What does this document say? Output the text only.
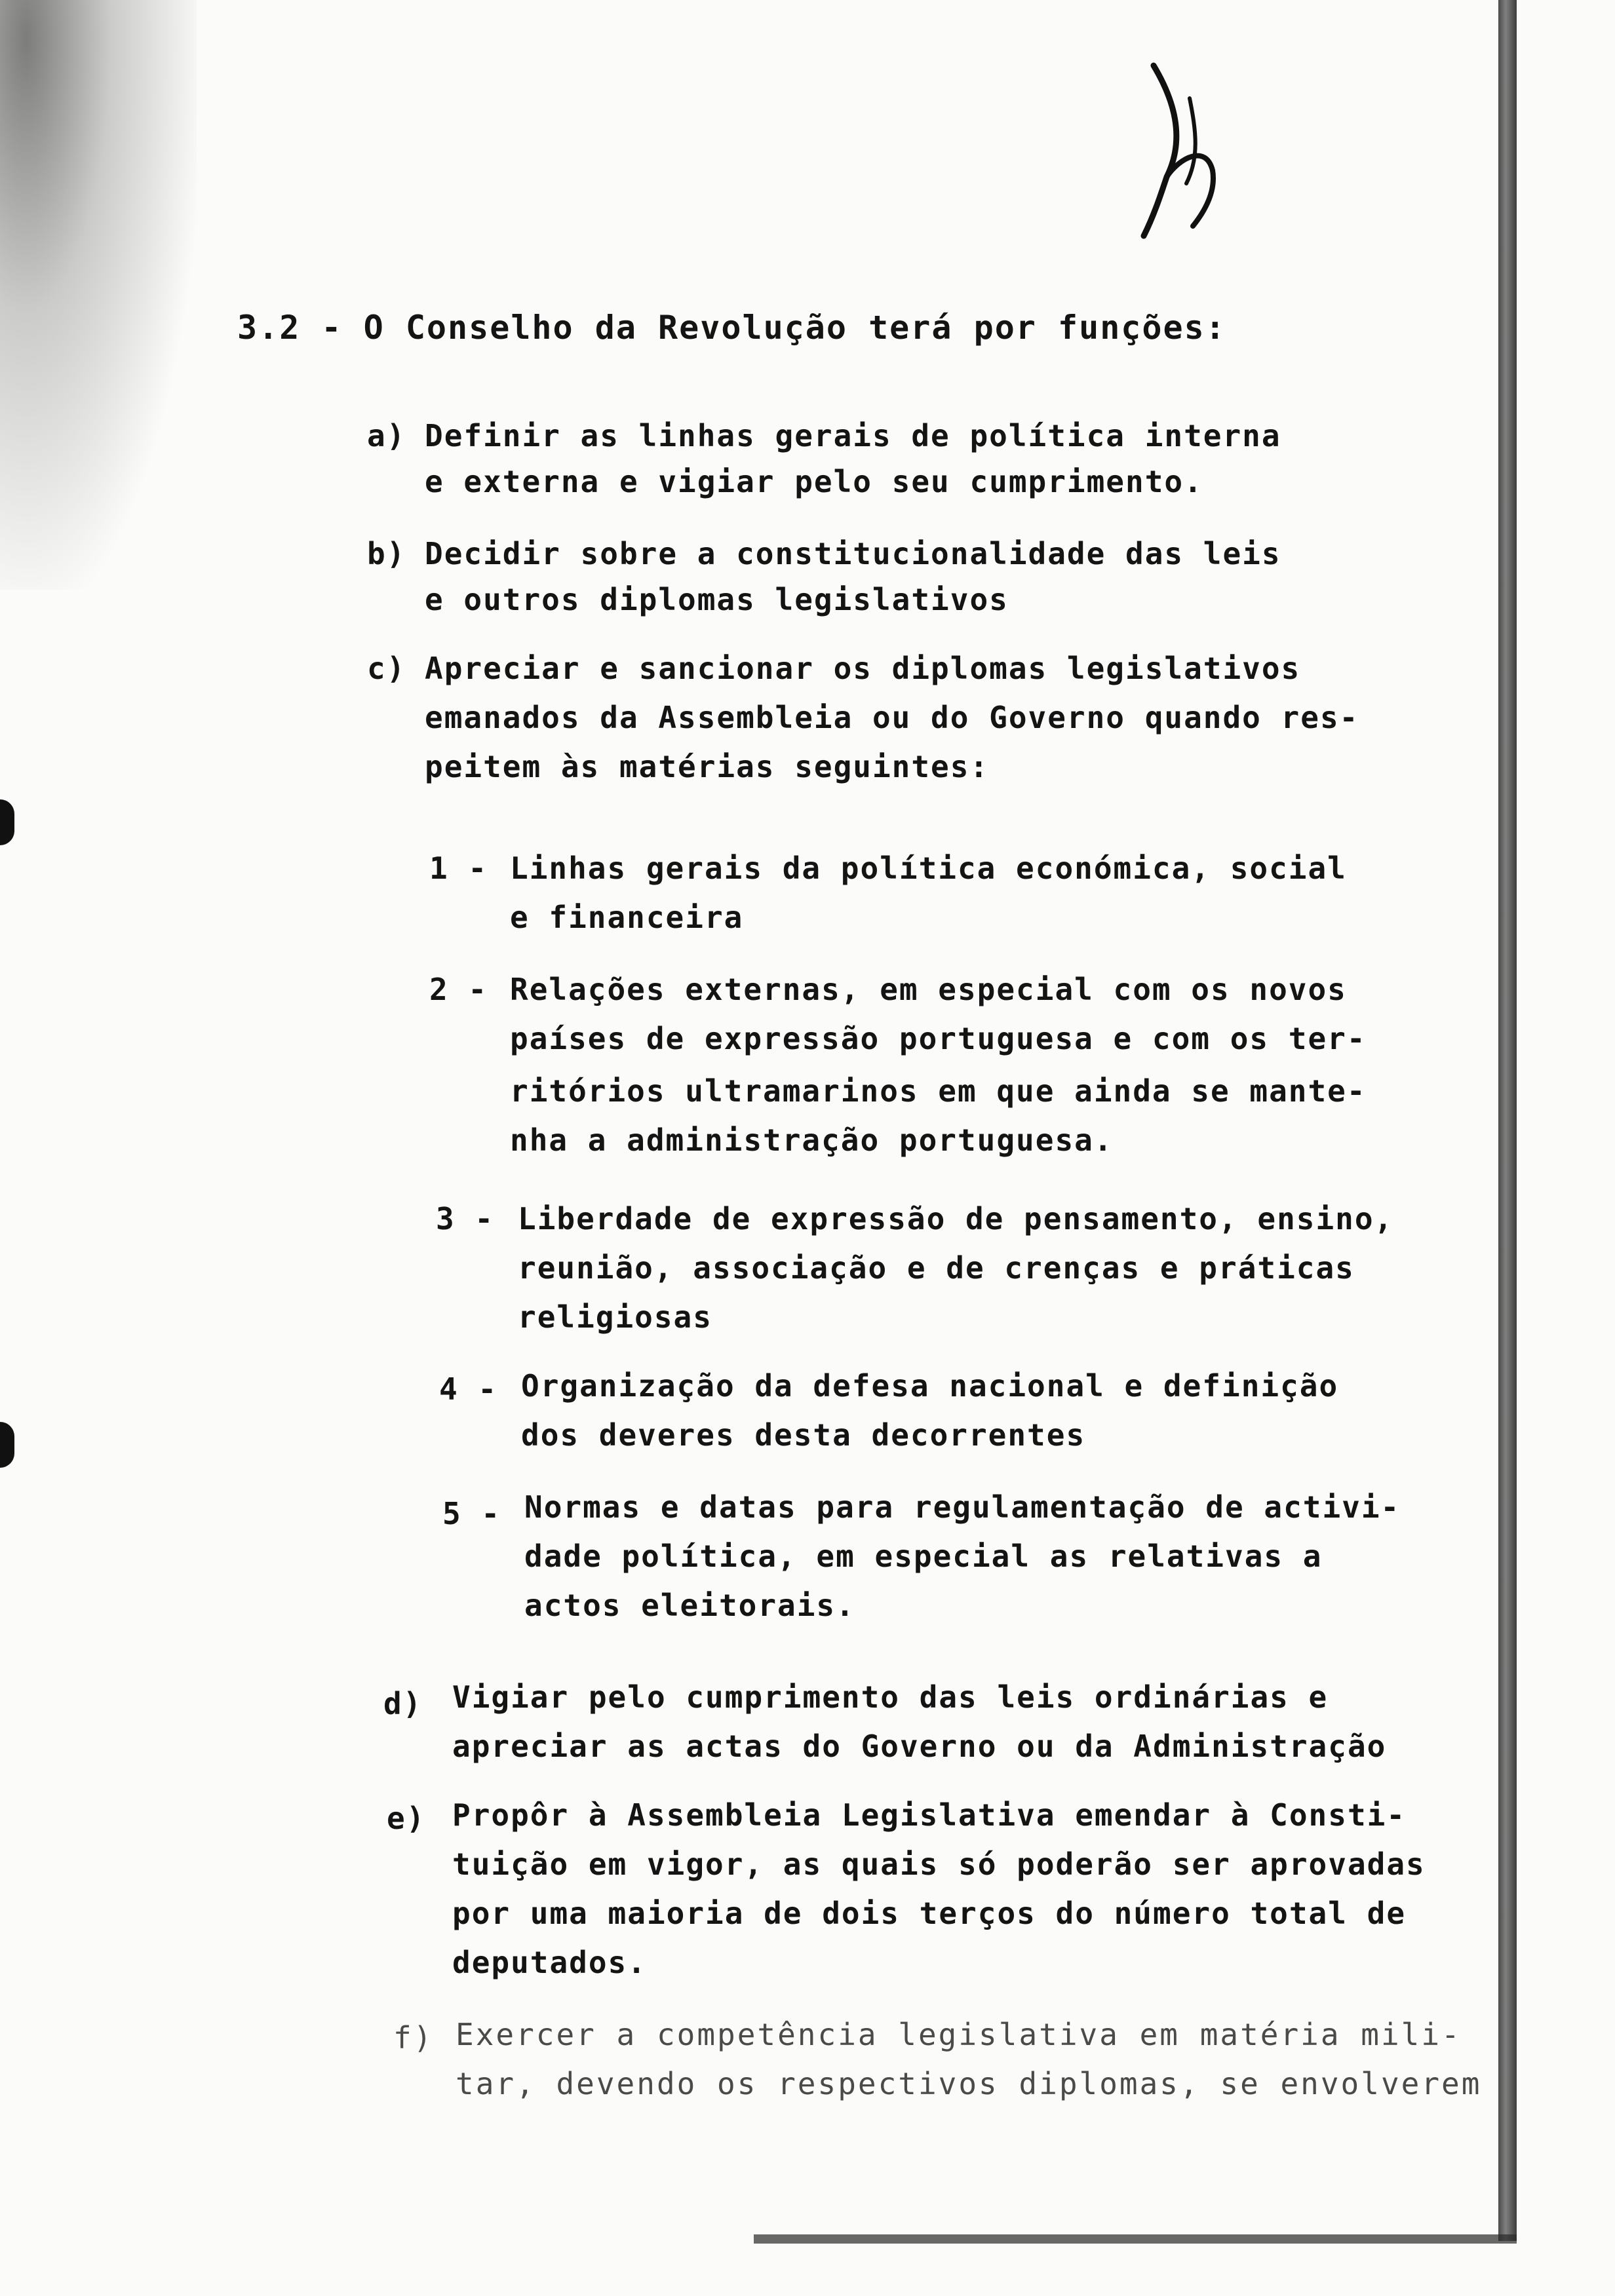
3.2 - O Conselho da Revolução terá por funções:
a) Definir as linhas gerais de política interna
e externa e vigiar pelo seu cumprimento.
b) Decidir sobre a constitucionalidade das leis
e outros diplomas legislativos
c) Apreciar e sancionar os diplomas legislativos
emanados da Assembleia ou do Governo quando res-
peitem às matérias seguintes:
1 - Linhas gerais da política económica, social
e financeira
2 - Relações externas, em especial com os novos
países de expressão portuguesa e com os ter-
ritórios ultramarinos em que ainda se mante-
nha a administração portuguesa.
3 - Liberdade de expressão de pensamento, ensino,
reunião, associação e de crenças e práticas
religiosas
4 - Organização da defesa nacional e definição
dos deveres desta decorrentes
5 - Normas e datas para regulamentação de activi-
dade política, em especial as relativas a
actos eleitorais.
d) Vigiar pelo cumprimento das leis ordinárias e
apreciar as actas do Governo ou da Administração
e) Propôr à Assembleia Legislativa emendar à Consti-
tuição em vigor, as quais só poderão ser aprovadas
por uma maioria de dois terços do número total de
deputados.
f) Exercer a competência legislativa em matéria mili-
tar, devendo os respectivos diplomas, se envolverem
